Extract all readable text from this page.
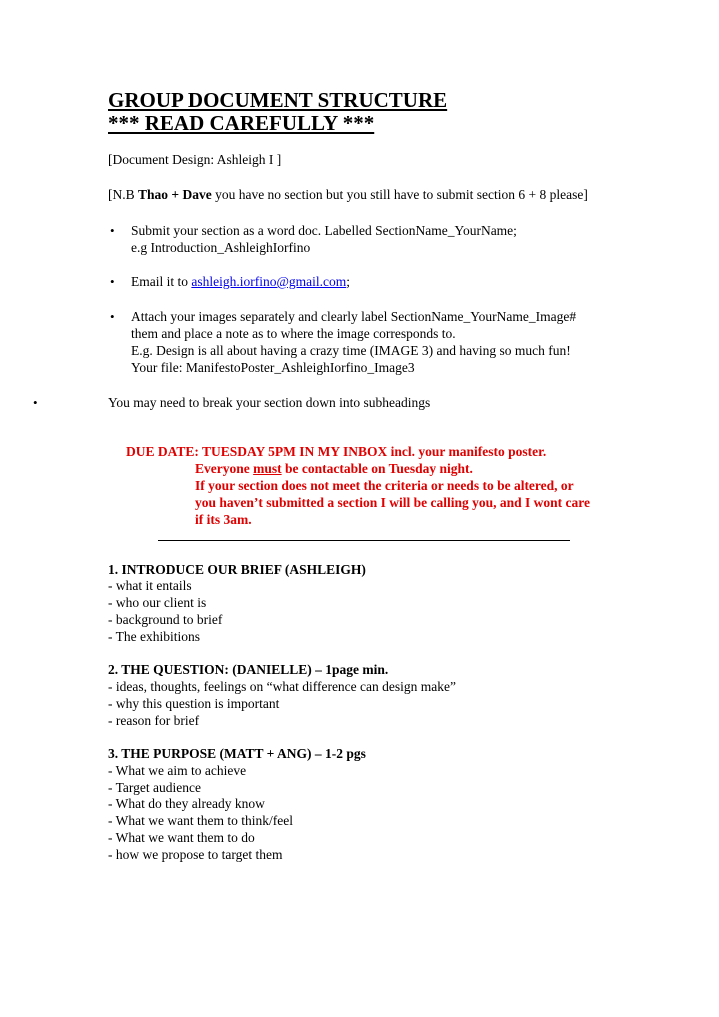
GROUP DOCUMENT STRUCTURE
*** READ CAREFULLY ***
[Document Design: Ashleigh I ]
[N.B Thao + Dave you have no section but you still have to submit section 6 + 8 please]
• Submit your section as a word doc. Labelled SectionName_YourName;
e.g Introduction_AshleighIorfino
• Email it to ashleigh.iorfino@gmail.com;
• Attach your images separately and clearly label SectionName_YourName_Image#
them and place a note as to where the image corresponds to.
E.g. Design is all about having a crazy time (IMAGE 3) and having so much fun!
Your file: ManifestoPoster_AshleighIorfino_Image3
•	You may need to break your section down into subheadings
DUE DATE: TUESDAY 5PM IN MY INBOX incl. your manifesto poster.
Everyone must be contactable on Tuesday night.
If your section does not meet the criteria or needs to be altered, or
you haven’t submitted a section I will be calling you, and I wont care
if its 3am.
1. INTRODUCE OUR BRIEF (ASHLEIGH)
- what it entails
- who our client is
- background to brief
- The exhibitions
2. THE QUESTION: (DANIELLE) – 1page min.
- ideas, thoughts, feelings on “what difference can design make”
- why this question is important
- reason for brief
3. THE PURPOSE (MATT + ANG) – 1-2 pgs
- What we aim to achieve
- Target audience
- What do they already know
- What we want them to think/feel
- What we want them to do
- how we propose to target them
